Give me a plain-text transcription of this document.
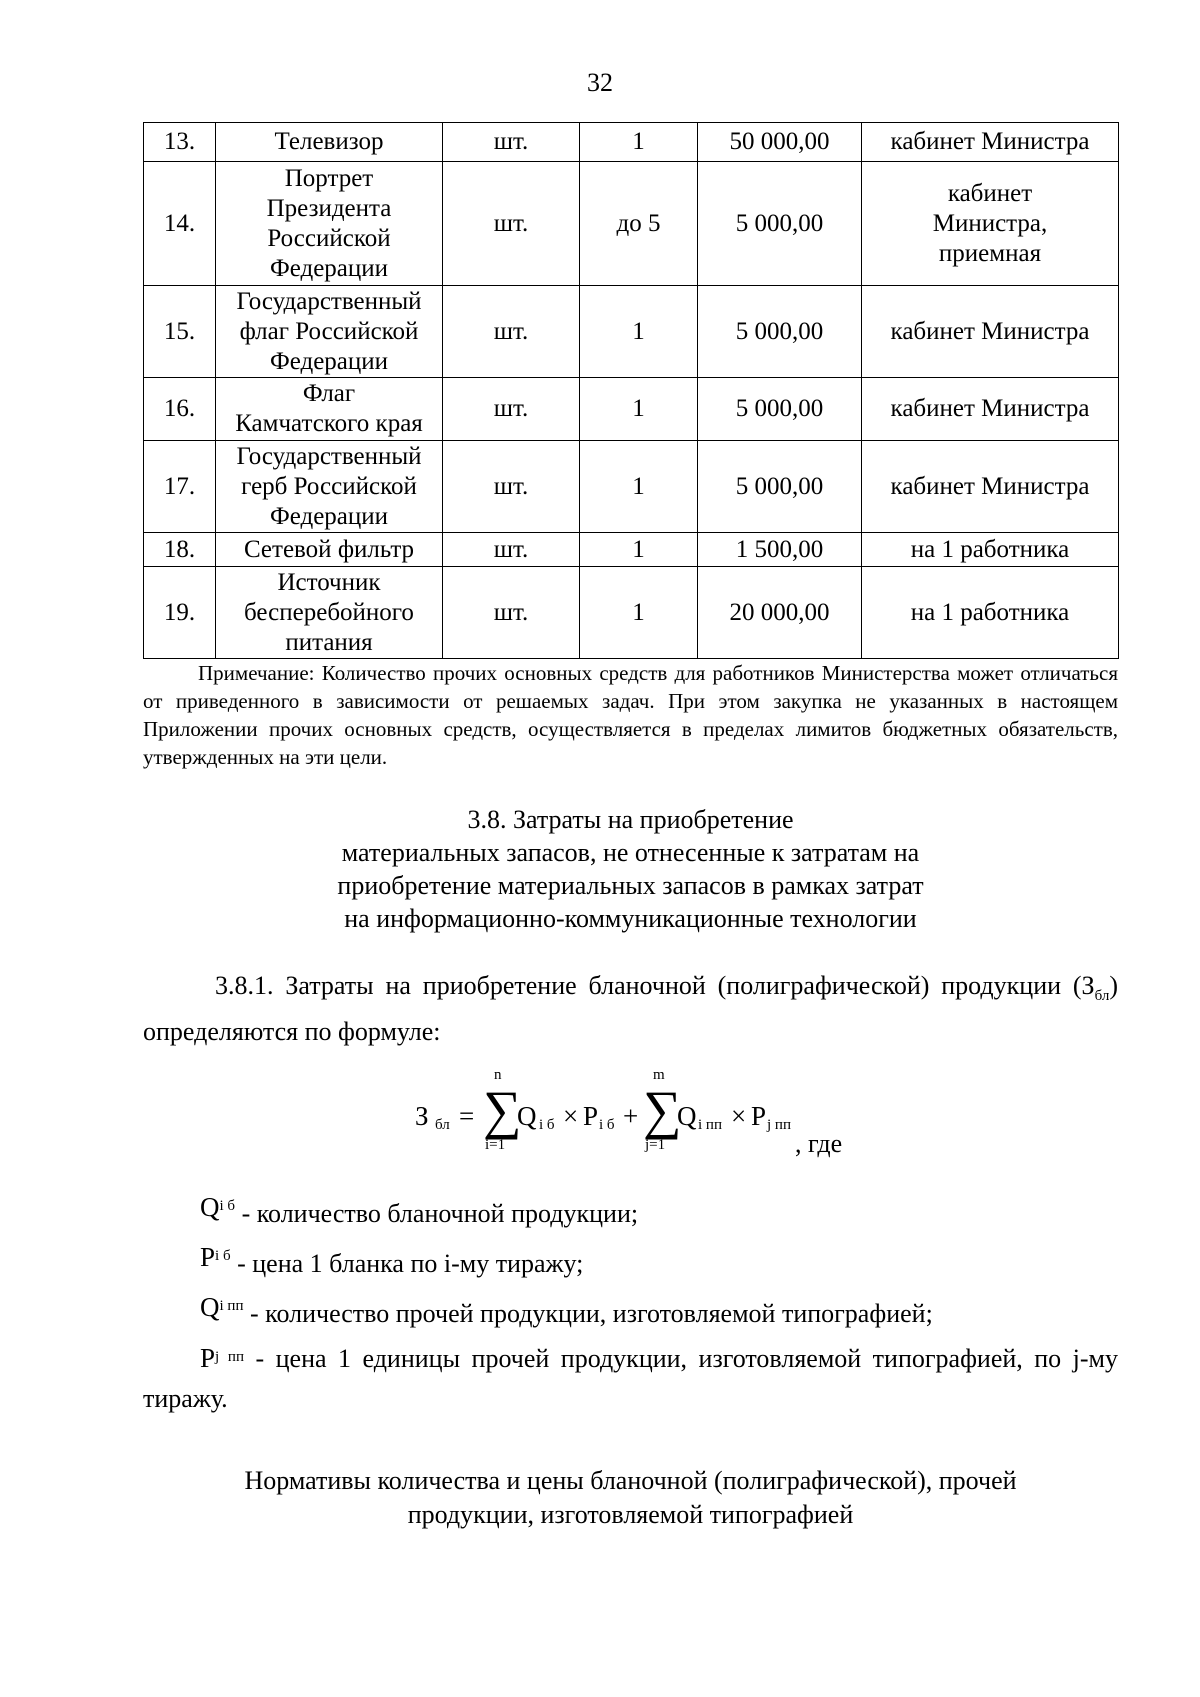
32
13.	Телевизор	шт.	1	50 000,00	кабинет Министра
14.	Портрет Президента Российской Федерации	шт.	до 5	5 000,00	кабинет Министра, приемная
15.	Государственный флаг Российской Федерации	шт.	1	5 000,00	кабинет Министра
16.	Флаг Камчатского края	шт.	1	5 000,00	кабинет Министра
17.	Государственный герб Российской Федерации	шт.	1	5 000,00	кабинет Министра
18.	Сетевой фильтр	шт.	1	1 500,00	на 1 работника
19.	Источник бесперебойного питания	шт.	1	20 000,00	на 1 работника
Примечание: Количество прочих основных средств для работников Министерства может отличаться от приведенного в зависимости от решаемых задач. При этом закупка не указанных в настоящем Приложении прочих основных средств, осуществляется в пределах лимитов бюджетных обязательств, утвержденных на эти цели.
3.8. Затраты на приобретение
материальных запасов, не отнесенные к затратам на
приобретение материальных запасов в рамках затрат
на информационно-коммуникационные технологии
3.8.1. Затраты на приобретение бланочной (полиграфической) продукции $(З_{бл})$ определяются по формуле:
З бл =
n
∑
i=1
Q i б × P i б +
m
∑
j=1
Q i пп × P j пп
, где
$Q^{i б}$ - количество бланочной продукции;
$P^{i б}$ - цена 1 бланка по i-му тиражу;
$Q^{i пп}$ - количество прочей продукции, изготовляемой типографией;
$P^{j пп}$ - цена 1 единицы прочей продукции, изготовляемой типографией, по j-му тиражу.
Нормативы количества и цены бланочной (полиграфической), прочей
продукции, изготовляемой типографией
